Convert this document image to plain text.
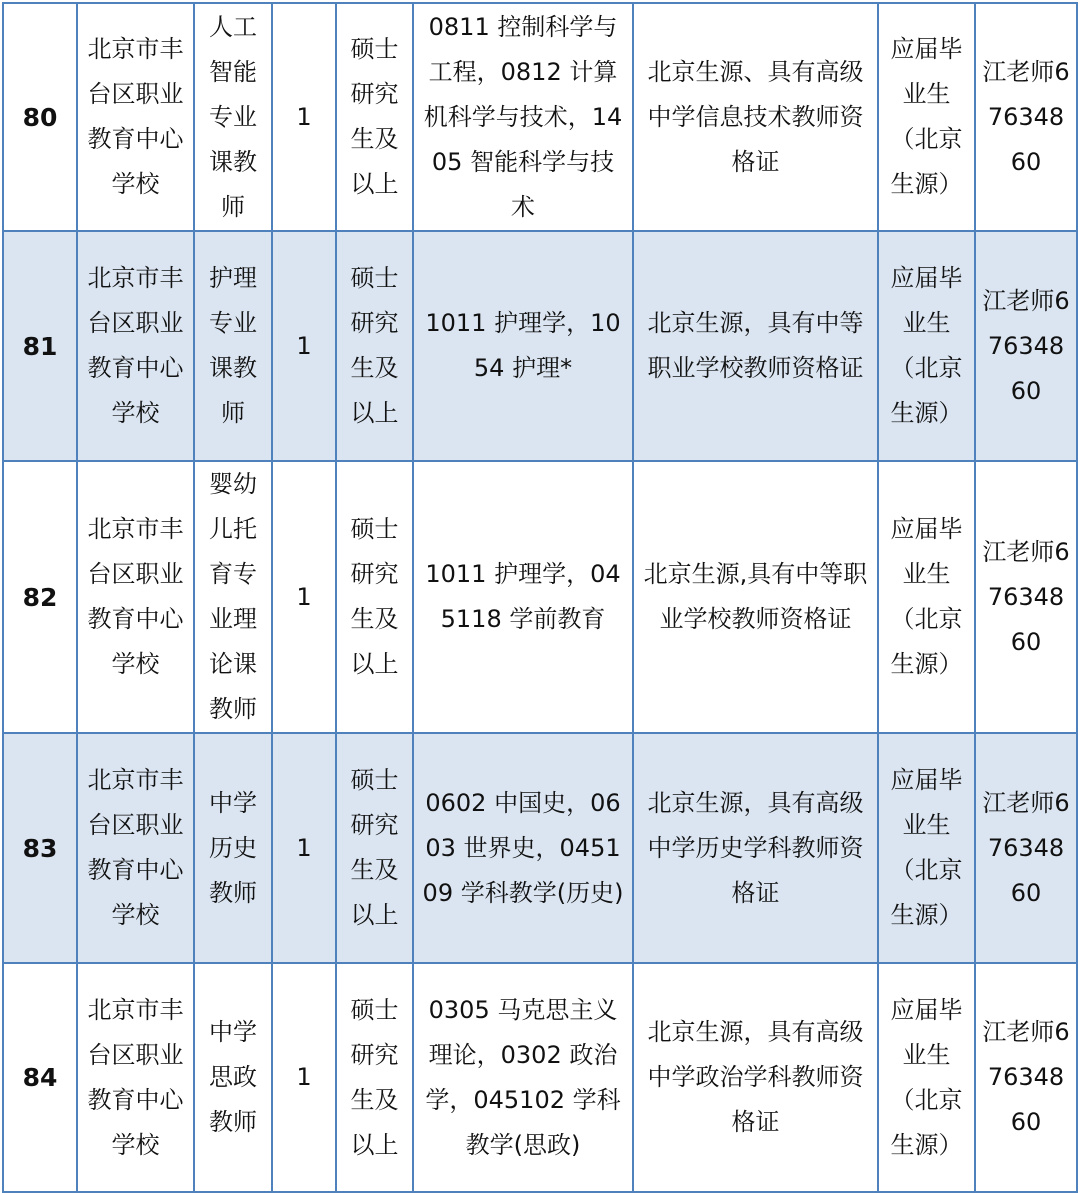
80	北京市丰台区职业教育中心学校	人工智能专业课教师	1	硕士研究生及以上	0811 控制科学与工程，0812 计算机科学与技术，1405 智能科学与技术	北京生源、具有高级中学信息技术教师资格证	应届毕业生（北京生源）	江老师67634860
81	北京市丰台区职业教育中心学校	护理专业课教师	1	硕士研究生及以上	1011 护理学，1054 护理*	北京生源，具有中等职业学校教师资格证	应届毕业生（北京生源）	江老师67634860
82	北京市丰台区职业教育中心学校	婴幼儿托育专业理论课教师	1	硕士研究生及以上	1011 护理学，045118 学前教育	北京生源,具有中等职业学校教师资格证	应届毕业生（北京生源）	江老师67634860
83	北京市丰台区职业教育中心学校	中学历史教师	1	硕士研究生及以上	0602 中国史，0603 世界史，045109 学科教学(历史)	北京生源，具有高级中学历史学科教师资格证	应届毕业生（北京生源）	江老师67634860
84	北京市丰台区职业教育中心学校	中学思政教师	1	硕士研究生及以上	0305 马克思主义理论，0302 政治学，045102 学科教学(思政)	北京生源，具有高级中学政治学科教师资格证	应届毕业生（北京生源）	江老师67634860
